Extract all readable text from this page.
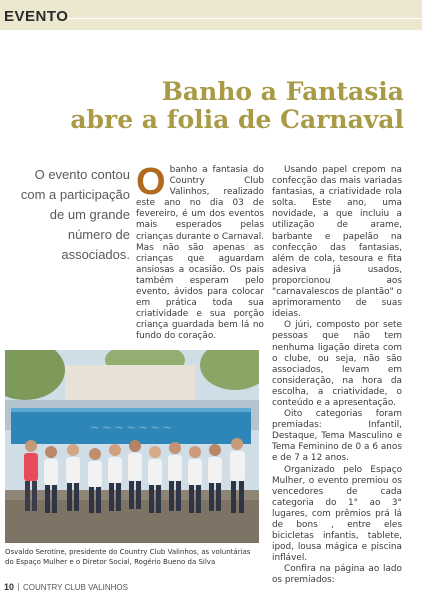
EVENTO
Banho a Fantasia
abre a folia de Carnaval
O evento contou com a participação de um grande número de associados.
O banho a fantasia do Country Club Valinhos, realizado este ano no dia 03 de fevereiro, é um dos eventos mais esperados pelas crianças durante o Carnaval. Mas não são apenas as crianças que aguardam ansiosas a ocasião. Os pais também esperam pelo evento, ávidos para colocar em prática toda sua criatividade e sua porção criança guardada bem lá no fundo do coração.

Usando papel crepom na confecção das mais variadas fantasias, a criatividade rola solta. Este ano, uma novidade, a que incluiu a utilização de arame, barbante e papelão na confecção das fantasias, além de cola, tesoura e fita adesiva já usados, proporcionou aos "carnavalescos de plantão" o aprimoramento de suas ideias.

O júri, composto por sete pessoas que não tem nenhuma ligação direta com o clube, ou seja, não são associados, levam em consideração, na hora da escolha, a criatividade, o conteúdo e a apresentação.

Oito categorias foram premiadas: Infantil, Destaque, Tema Masculino e Tema Feminino de 0 a 6 anos e de 7 a 12 anos.

Organizado pelo Espaço Mulher, o evento premiou os vencedores de cada categoria do 1° ao 3° lugares, com prêmios prá lá de bons , entre eles bicicletas infantis, tablete, ipod, lousa mágica e piscina inflável.

Confira na página ao lado os premiados:

~ ~ ~ ~ ~ ~ ~
Osvaldo Serotine, presidente do Country Club Valinhos, as voluntárias do Espaço Mulher e o Diretor Social, Rogério Bueno da Silva
10 COUNTRY CLUB VALINHOS
